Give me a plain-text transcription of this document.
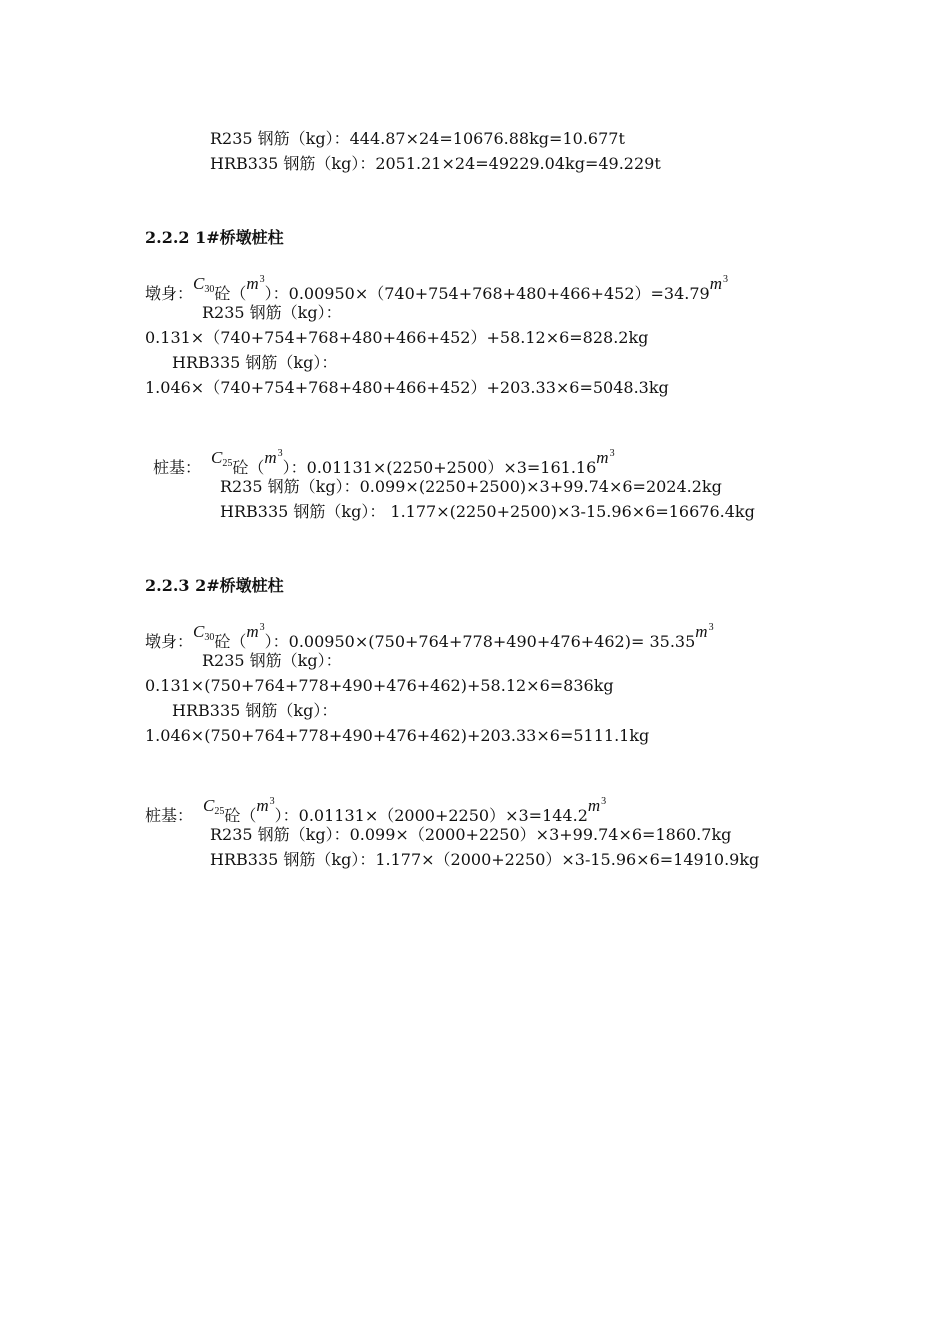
R235 钢筋（kg）：444.87×24=10676.88kg=10.677t
HRB335 钢筋（kg）：2051.21×24=49229.04kg=49.229t
2.2.2 1#桥墩桩柱
墩身：$C_{30}$砼$(m^3)$：$0.00950\times(740+754+768+480+466+452)=34.79m^3$
R235 钢筋（kg）：
0.131×（740+754+768+480+466+452）+58.12×6=828.2kg
HRB335 钢筋（kg）：
1.046×（740+754+768+480+466+452）+203.33×6=5048.3kg
桩基：$C_{25}$砼$(m^3)$：$0.01131\times(2250+2500)\times 3=161.16m^3$
R235 钢筋（kg）：0.099×(2250+2500)×3+99.74×6=2024.2kg
HRB335 钢筋（kg）： 1.177×(2250+2500)×3-15.96×6=16676.4kg
2.2.3 2#桥墩桩柱
墩身：$C_{30}$砼$(m^3)$：$0.00950\times(750+764+778+490+476+462)= 35.35m^3$
R235 钢筋（kg）：
0.131×(750+764+778+490+476+462)+58.12×6=836kg
HRB335 钢筋（kg）：
1.046×(750+764+778+490+476+462)+203.33×6=5111.1kg
桩基：$C_{25}$砼$(m^3)$：$0.01131\times(2000+2250)\times 3=144.2m^3$
R235 钢筋（kg）：0.099×（2000+2250）×3+99.74×6=1860.7kg
HRB335 钢筋（kg）：1.177×（2000+2250）×3-15.96×6=14910.9kg
